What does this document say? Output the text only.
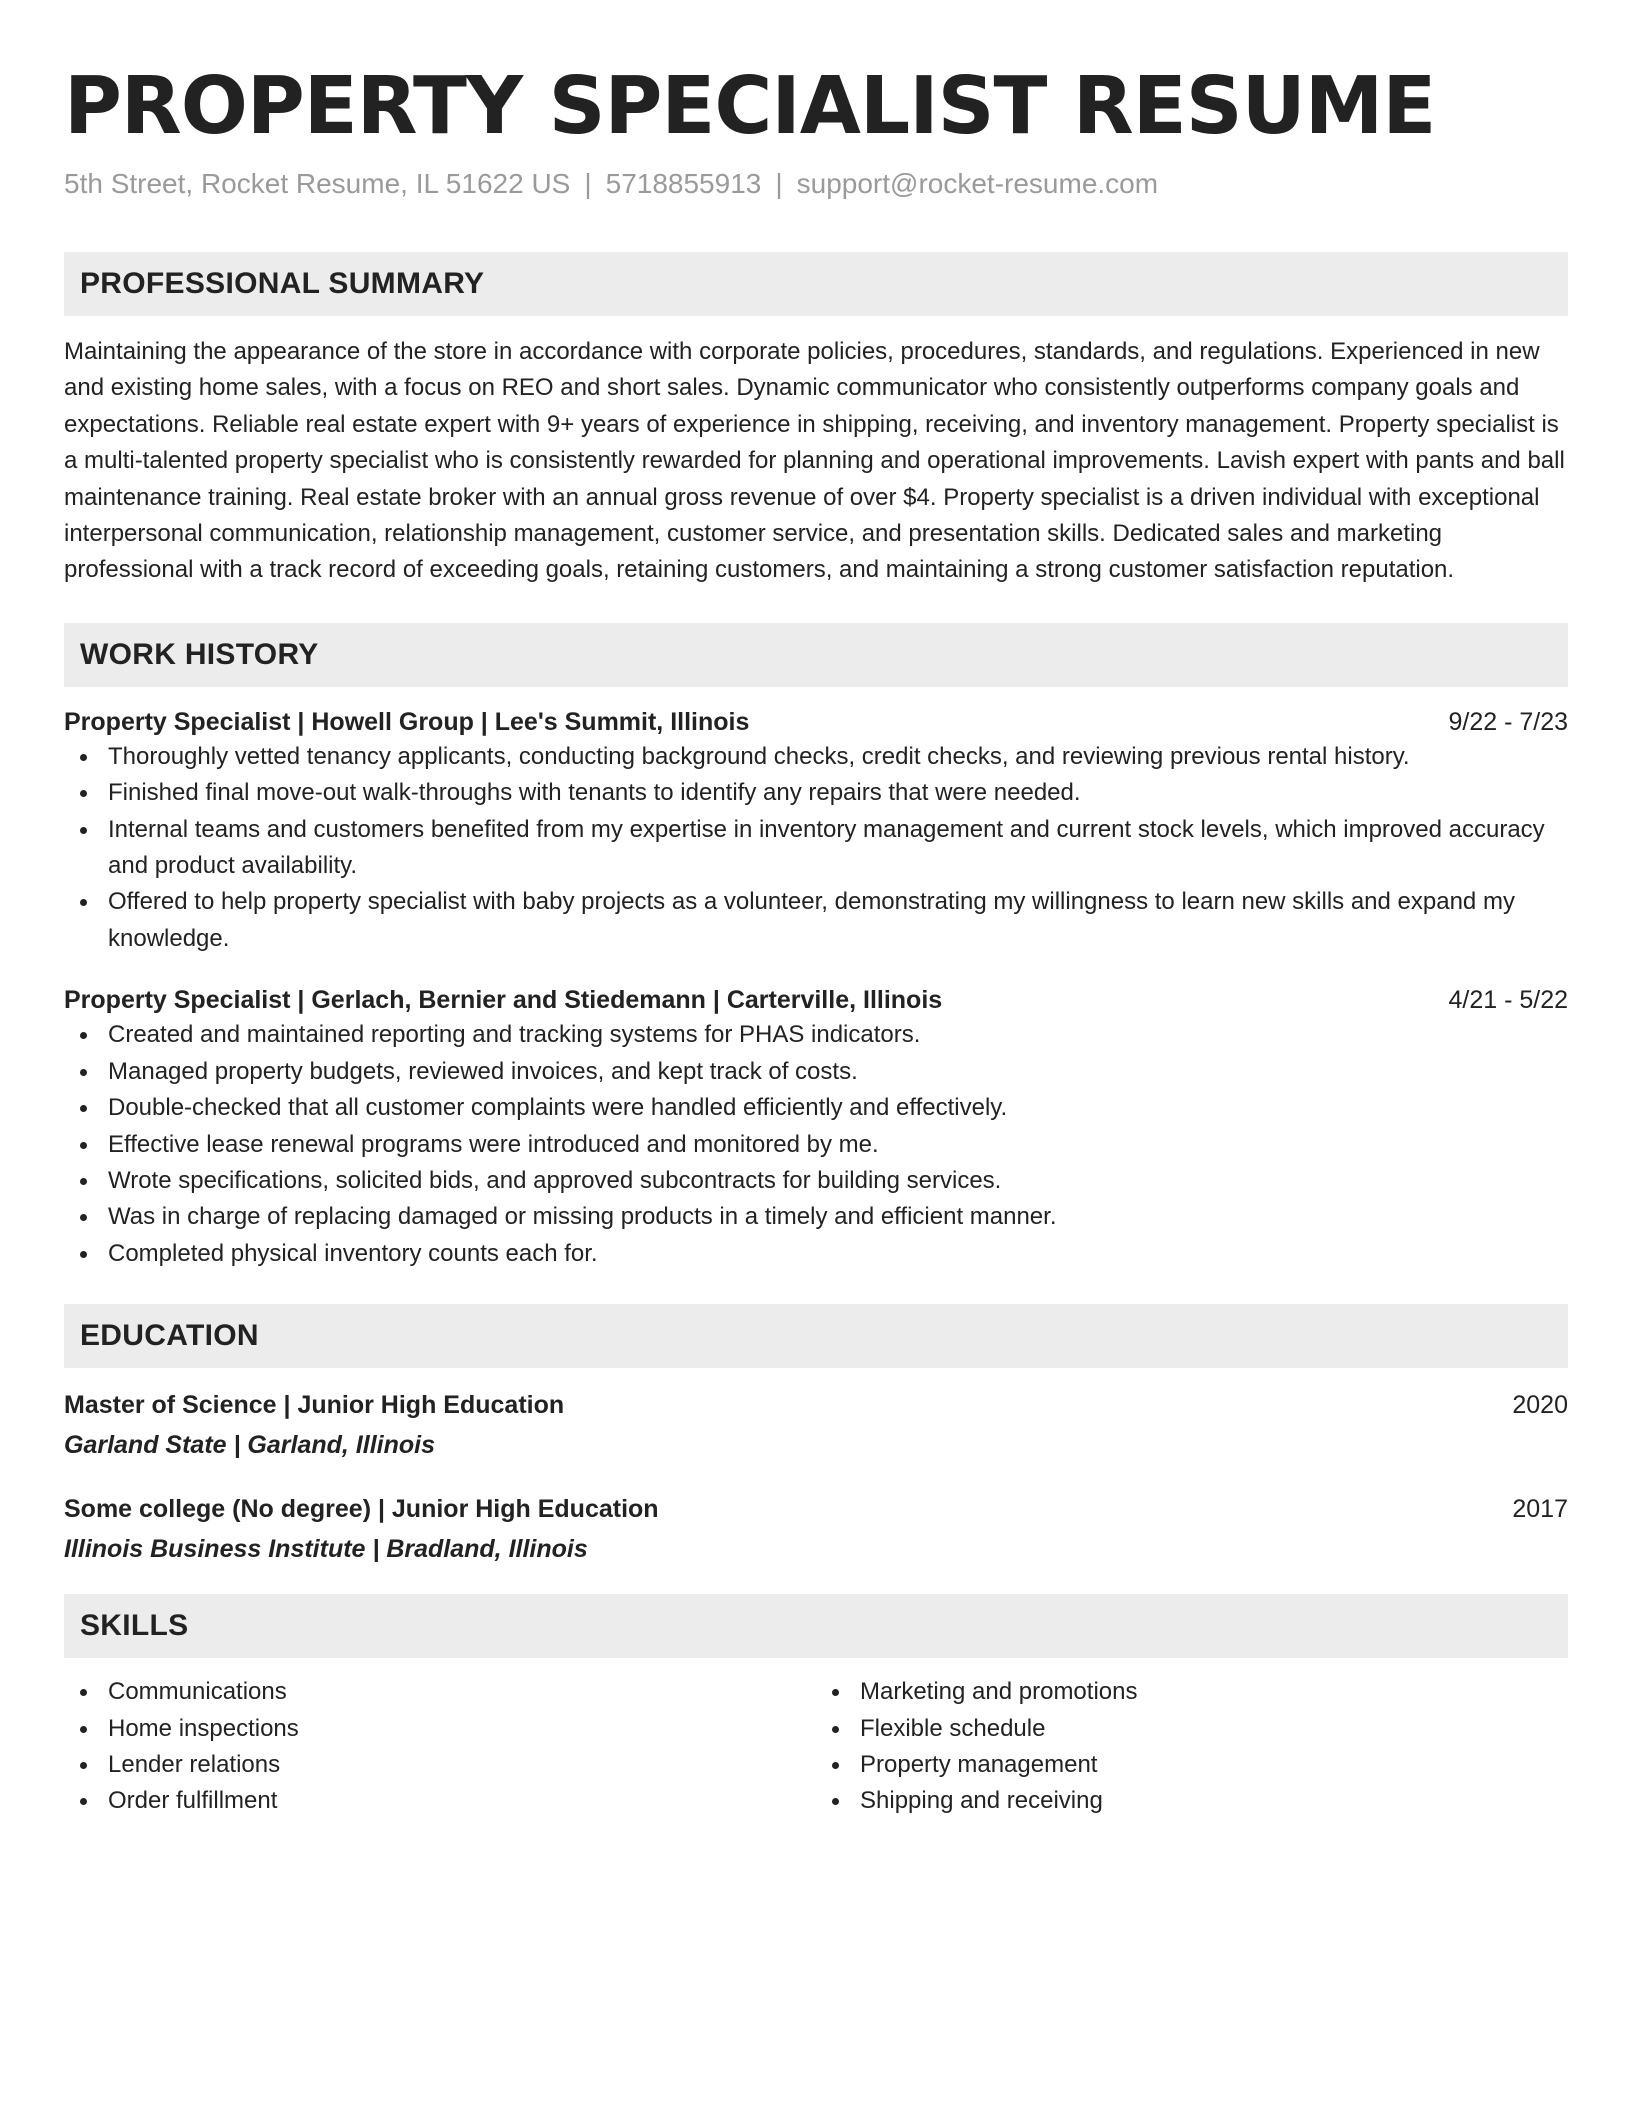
PROPERTY SPECIALIST RESUME
5th Street, Rocket Resume, IL 51622 US | 5718855913 | support@rocket-resume.com
PROFESSIONAL SUMMARY
Maintaining the appearance of the store in accordance with corporate policies, procedures, standards, and regulations. Experienced in new and existing home sales, with a focus on REO and short sales. Dynamic communicator who consistently outperforms company goals and expectations. Reliable real estate expert with 9+ years of experience in shipping, receiving, and inventory management. Property specialist is a multi-talented property specialist who is consistently rewarded for planning and operational improvements. Lavish expert with pants and ball maintenance training. Real estate broker with an annual gross revenue of over $4. Property specialist is a driven individual with exceptional interpersonal communication, relationship management, customer service, and presentation skills. Dedicated sales and marketing professional with a track record of exceeding goals, retaining customers, and maintaining a strong customer satisfaction reputation.
WORK HISTORY
Property Specialist | Howell Group | Lee's Summit, Illinois	9/22 - 7/23
Thoroughly vetted tenancy applicants, conducting background checks, credit checks, and reviewing previous rental history.
Finished final move-out walk-throughs with tenants to identify any repairs that were needed.
Internal teams and customers benefited from my expertise in inventory management and current stock levels, which improved accuracy and product availability.
Offered to help property specialist with baby projects as a volunteer, demonstrating my willingness to learn new skills and expand my knowledge.
Property Specialist | Gerlach, Bernier and Stiedemann | Carterville, Illinois	4/21 - 5/22
Created and maintained reporting and tracking systems for PHAS indicators.
Managed property budgets, reviewed invoices, and kept track of costs.
Double-checked that all customer complaints were handled efficiently and effectively.
Effective lease renewal programs were introduced and monitored by me.
Wrote specifications, solicited bids, and approved subcontracts for building services.
Was in charge of replacing damaged or missing products in a timely and efficient manner.
Completed physical inventory counts each for.
EDUCATION
Master of Science | Junior High Education	2020
Garland State | Garland, Illinois
Some college (No degree) | Junior High Education	2017
Illinois Business Institute | Bradland, Illinois
SKILLS
Communications
Home inspections
Lender relations
Order fulfillment
Marketing and promotions
Flexible schedule
Property management
Shipping and receiving
